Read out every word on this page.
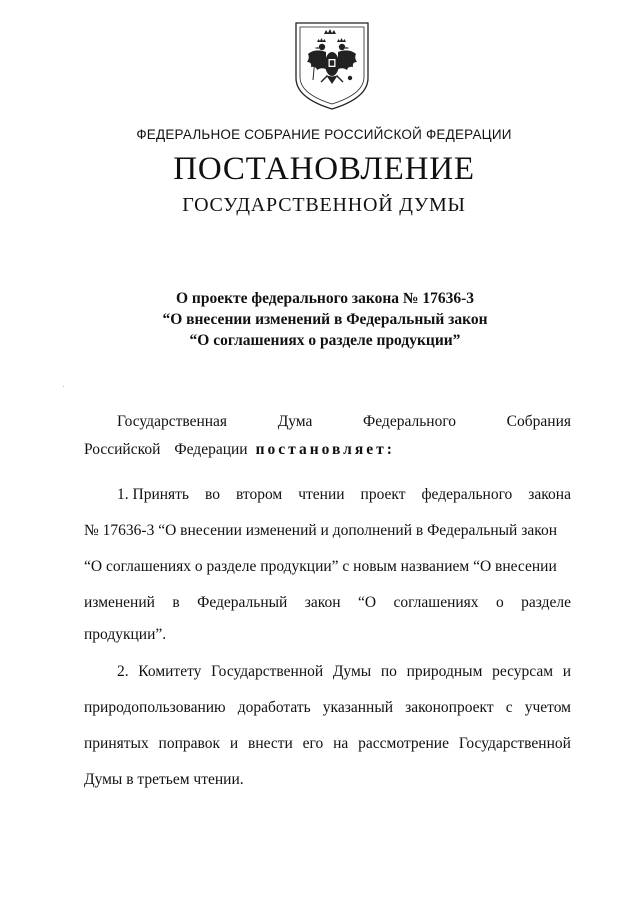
ФЕДЕРАЛЬНОЕ СОБРАНИЕ РОССИЙСКОЙ ФЕДЕРАЦИИ
ПОСТАНОВЛЕНИЕ
ГОСУДАРСТВЕННОЙ ДУМЫ
О проекте федерального закона № 17636-3
“О внесении изменений в Федеральный закон
“О соглашениях о разделе продукции”
Государственная	Дума	Федерального	Собрания
Российской Федерации постановляет:
1. Принять во втором чтении проект федерального закона
№ 17636-3 “О внесении изменений и дополнений в Федеральный закон
“О соглашениях о разделе продукции” с новым названием “О внесении
изменений в Федеральный закон “О соглашениях о разделе
продукции”.
2. Комитету Государственной Думы по природным ресурсам и
природопользованию доработать указанный законопроект с учетом
принятых поправок и внести его на рассмотрение Государственной
Думы в третьем чтении.
